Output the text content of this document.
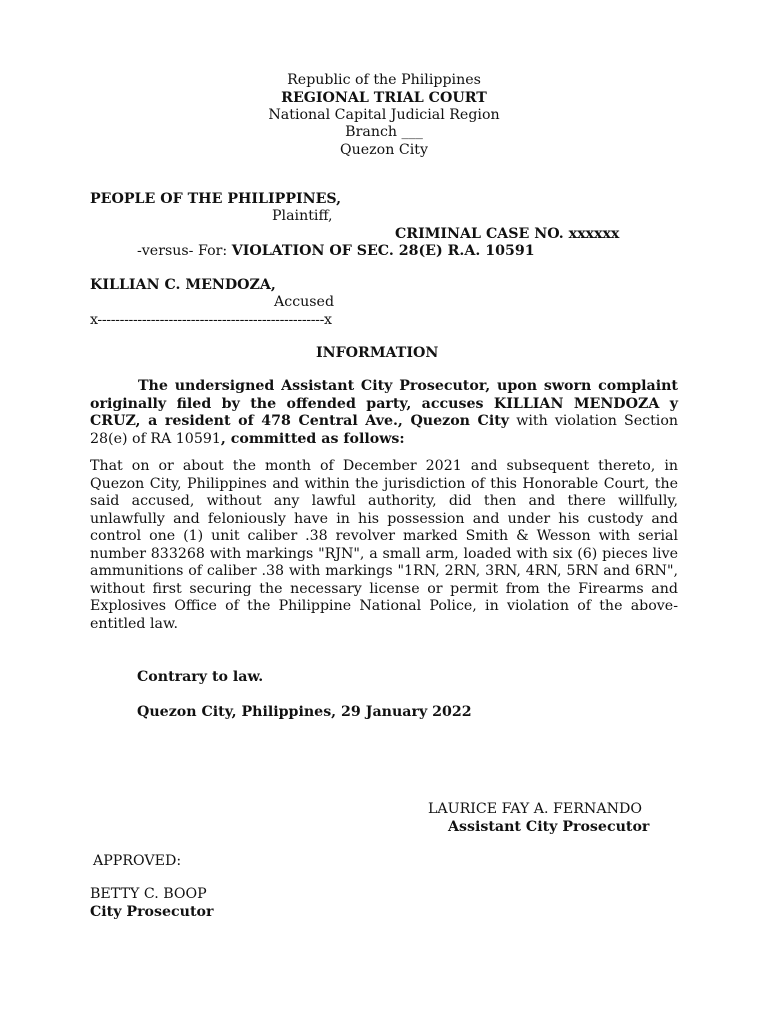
Republic of the Philippines
REGIONAL TRIAL COURT
National Capital Judicial Region
Branch ___
Quezon City
PEOPLE OF THE PHILIPPINES,
Plaintiff,
CRIMINAL CASE NO. xxxxxx
-versus- For: VIOLATION OF SEC. 28(E) R.A. 10591
KILLIAN C. MENDOZA,
Accused
x---------------------------------------------------x
INFORMATION
The undersigned Assistant City Prosecutor, upon sworn complaint originally filed by the offended party, accuses KILLIAN MENDOZA y CRUZ, a resident of 478 Central Ave., Quezon City with violation Section 28(e) of RA 10591, committed as follows:
That on or about the month of December 2021 and subsequent thereto, in Quezon City, Philippines and within the jurisdiction of this Honorable Court, the said accused, without any lawful authority, did then and there willfully, unlawfully and feloniously have in his possession and under his custody and control one (1) unit caliber .38 revolver marked Smith & Wesson with serial number 833268 with markings "RJN", a small arm, loaded with six (6) pieces live ammunitions of caliber .38 with markings "1RN, 2RN, 3RN, 4RN, 5RN and 6RN", without first securing the necessary license or permit from the Firearms and Explosives Office of the Philippine National Police, in violation of the above-entitled law.
Contrary to law.
Quezon City, Philippines, 29 January 2022
LAURICE FAY A. FERNANDO
Assistant City Prosecutor
APPROVED:
BETTY C. BOOP
City Prosecutor
